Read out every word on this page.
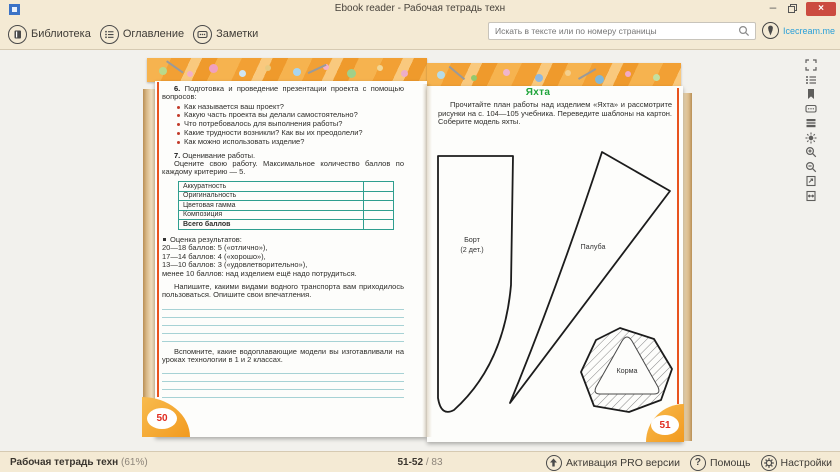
Ebook reader - Рабочая тетрадь техн	–	×
Библиотека	Оглавление	Заметки
Искать в тексте или по номеру страницы	Icecream.me

6. Подготовка и проведение презентации проекта с помощью вопросов:

Как называется ваш проект?
Какую часть проекта вы делали самостоятельно?
Что потребовалось для выполнения работы?
Какие трудности возникли? Как вы их преодолели?
Как можно использовать изделие?

7. Оценивание работы.

Оцените свою работу. Максимальное количество баллов по каждому критерию — 5.

Аккуратность	
Оригинальность	
Цветовая гамма	
Композиция	
Всего баллов	
Оценка результатов:
20—18 баллов: 5 («отлично»),
17—14 баллов: 4 («хорошо»),
13—10 баллов: 3 («удовлетворительно»),
менее 10 баллов: над изделием ещё надо потрудиться.

Напишите, какими видами водного транспорта вам приходилось пользоваться. Опишите свои впечатления.

Вспомните, какие водоплавающие модели вы изготавливали на уроках технологии в 1 и 2 классах.

Яхта

Прочитайте план работы над изделием «Яхта» и рассмотрите рисунки на с. 104—105 учебника. Переведите шаблоны на картон. Соберите модель яхты.

Борт
(2 дет.)	Палуба
Корма
50
51
Рабочая тетрадь техн (61%)	51-52 / 83	Активация PRO версии	? Помощь	Настройки
